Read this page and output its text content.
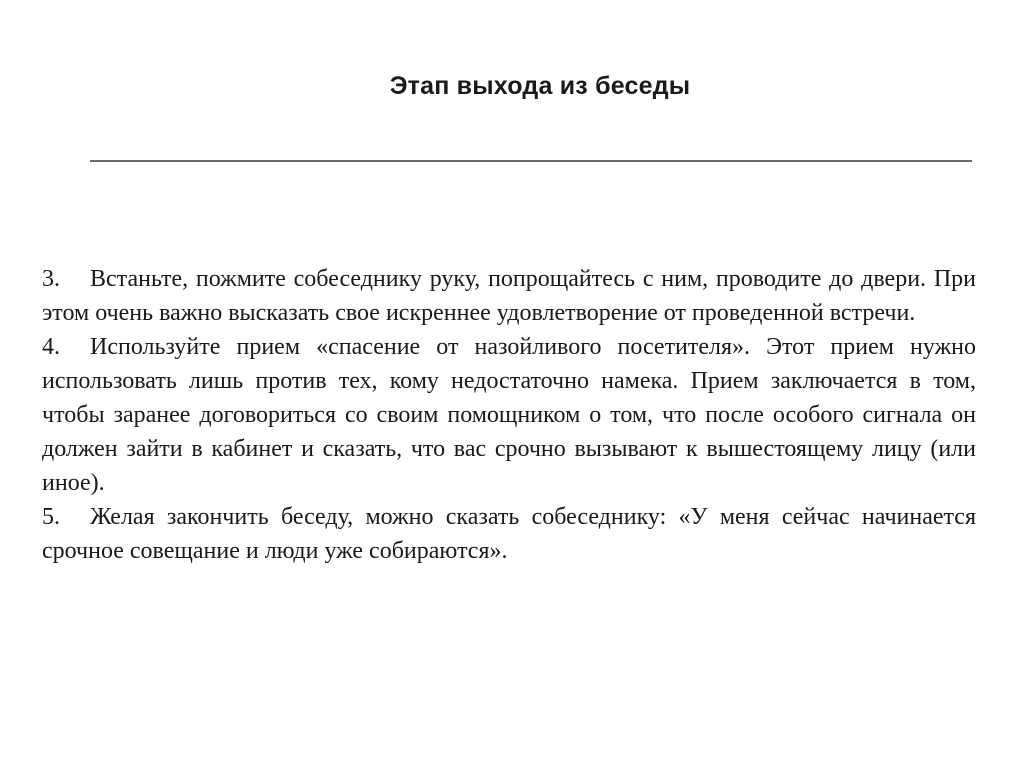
Этап выхода из беседы

3. Встаньте, пожмите собеседнику руку, попрощайтесь с ним, проводите до двери. При этом очень важно высказать свое искреннее удовлетворение от проведенной встречи.

4. Используйте прием «спасение от назойливого посетителя». Этот прием нужно использовать лишь против тех, кому недостаточно намека. Прием заключается в том, чтобы заранее договориться со своим помощником о том, что после особого сигнала он должен зайти в кабинет и сказать, что вас срочно вызывают к вышестоящему лицу (или иное).

5. Желая закончить беседу, можно сказать собеседнику: «У меня сейчас начинается срочное совещание и люди уже собираются».
